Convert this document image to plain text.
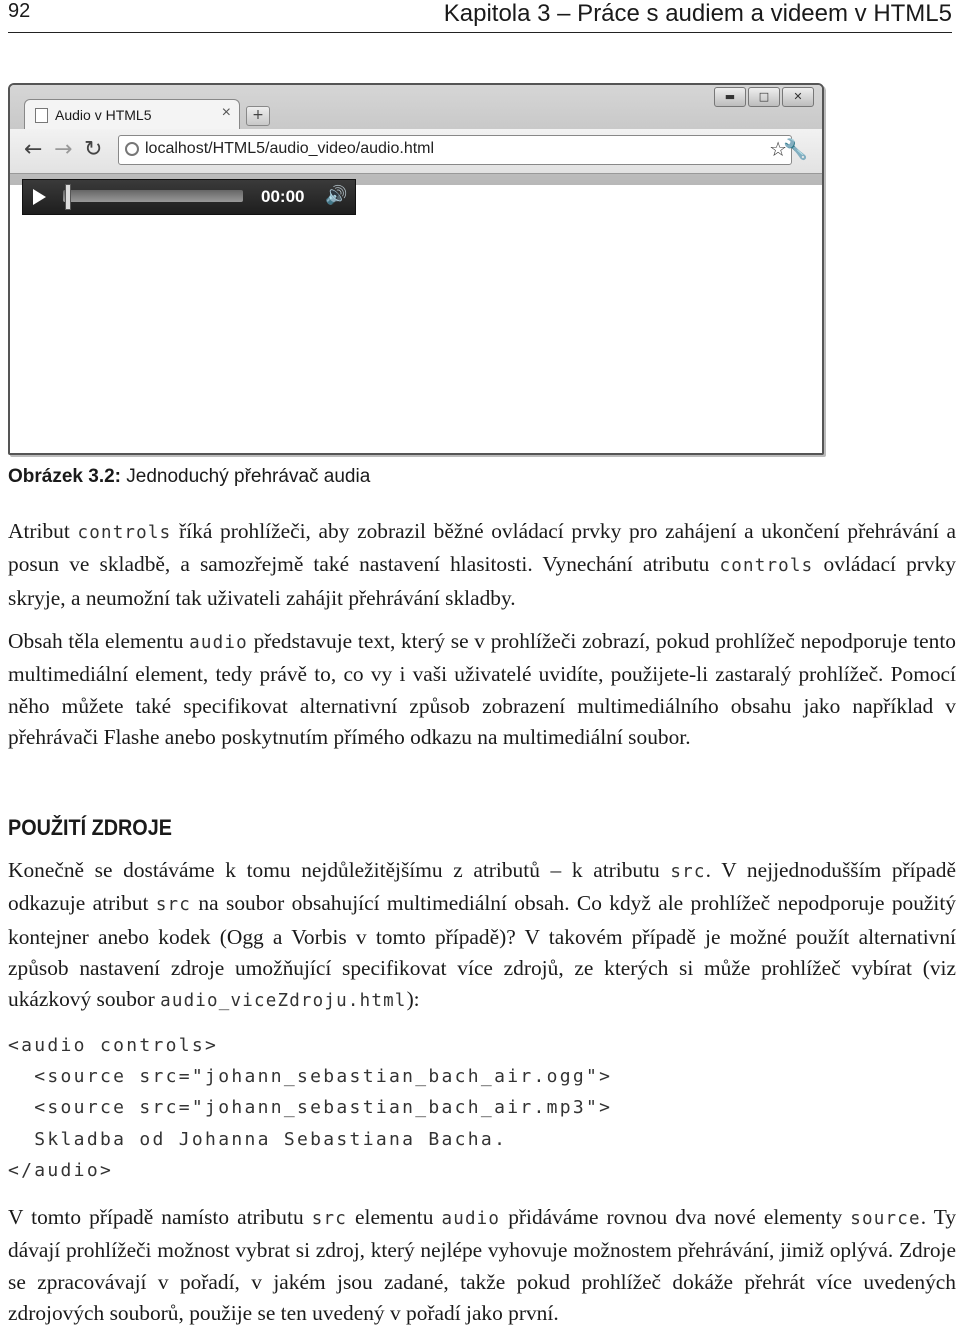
92	Kapitola 3 – Práce s audiem a videem v HTML5
▬	□	✕
Audio v HTML5	×	+
← → ↻	localhost/HTML5/audio_video/audio.html	☆
🔧
00:00 🔊
Obrázek 3.2: Jednoduchý přehrávač audia

Atribut controls říká prohlížeči, aby zobrazil běžné ovládací prvky pro zahájení a ukončení přehrávání a posun ve skladbě, a samozřejmě také nastavení hlasitosti. Vynechání atributu controls ovládací prvky skryje, a neumožní tak uživateli zahájit přehrávání skladby.

Obsah těla elementu audio představuje text, který se v prohlížeči zobrazí, pokud prohlížeč nepodporuje tento multimediální element, tedy právě to, co vy i vaši uživatelé uvidíte, použijete-li zastaralý prohlížeč. Pomocí něho můžete také specifikovat alternativní způsob zobrazení multimediálního obsahu jako například v přehrávači Flashe anebo poskytnutím přímého odkazu na multimediální soubor.

POUŽITÍ ZDROJE

Konečně se dostáváme k tomu nejdůležitějšímu z atributů – k atributu src. V nejjednodušším případě odkazuje atribut src na soubor obsahující multimediální obsah. Co když ale prohlížeč nepodporuje použitý kontejner anebo kodek (Ogg a Vorbis v tomto případě)? V takovém případě je možné použít alternativní způsob nastavení zdroje umožňující specifikovat více zdrojů, ze kterých si může prohlížeč vybírat (viz ukázkový soubor audio_viceZdroju.html):

<audio controls>
<source src="johann_sebastian_bach_air.ogg">
<source src="johann_sebastian_bach_air.mp3">
Skladba od Johanna Sebastiana Bacha.
</audio>

V tomto případě namísto atributu src elementu audio přidáváme rovnou dva nové elementy source. Ty dávají prohlížeči možnost vybrat si zdroj, který nejlépe vyhovuje možnostem přehrávání, jimiž oplývá. Zdroje se zpracovávají v pořadí, v jakém jsou zadané, takže pokud prohlížeč dokáže přehrát více uvedených zdrojových souborů, použije se ten uvedený v pořadí jako první.
